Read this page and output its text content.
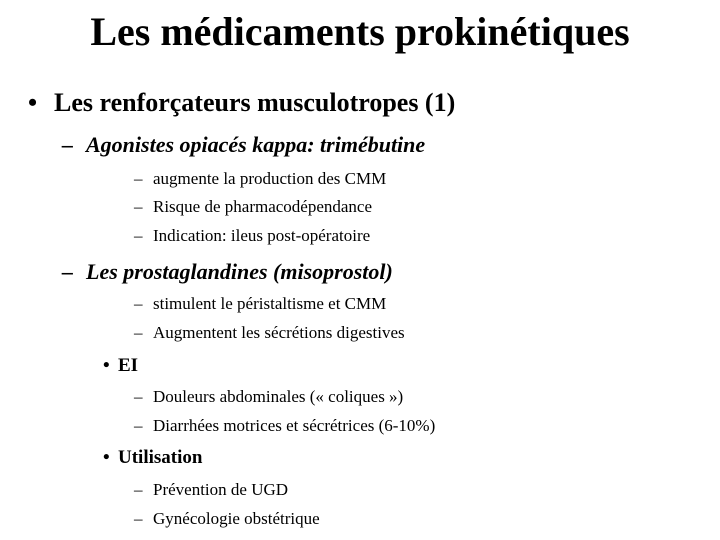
Les médicaments prokinétiques
• Les renforçateurs musculotropes (1)
– Agonistes opiacés kappa: trimébutine
– augmente la production des CMM
– Risque de pharmacodépendance
– Indication: ileus post-opératoire
– Les prostaglandines (misoprostol)
– stimulent le péristaltisme et CMM
– Augmentent les sécrétions digestives
• EI
– Douleurs abdominales (« coliques »)
– Diarrhées motrices et sécrétrices (6-10%)
• Utilisation
– Prévention de UGD
– Gynécologie obstétrique
